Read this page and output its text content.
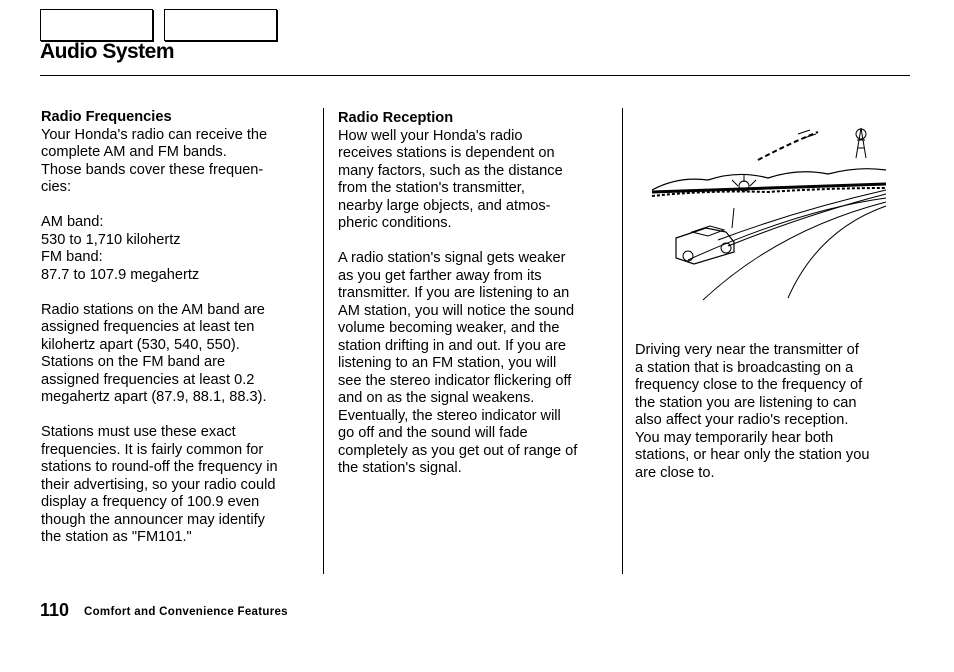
Audio System

Radio Frequencies

Your Honda's radio can receive the
complete AM and FM bands.
Those bands cover these frequen-
cies:

AM band:

530 to 1,710 kilohertz

FM band:

87.7 to 107.9 megahertz

Radio stations on the AM band are
assigned frequencies at least ten
kilohertz apart (530, 540, 550).
Stations on the FM band are
assigned frequencies at least 0.2
megahertz apart (87.9, 88.1, 88.3).

Stations must use these exact
frequencies. It is fairly common for
stations to round-off the frequency in
their advertising, so your radio could
display a frequency of 100.9 even
though the announcer may identify
the station as "FM101."

Radio Reception

How well your Honda's radio
receives stations is dependent on
many factors, such as the distance
from the station's transmitter,
nearby large objects, and atmos-
pheric conditions.

A radio station's signal gets weaker
as you get farther away from its
transmitter. If you are listening to an
AM station, you will notice the sound
volume becoming weaker, and the
station drifting in and out. If you are
listening to an FM station, you will
see the stereo indicator flickering off
and on as the signal weakens.
Eventually, the stereo indicator will
go off and the sound will fade
completely as you get out of range of
the station's signal.

Driving very near the transmitter of
a station that is broadcasting on a
frequency close to the frequency of
the station you are listening to can
also affect your radio's reception.
You may temporarily hear both
stations, or hear only the station you
are close to.

110 Comfort and Convenience Features
